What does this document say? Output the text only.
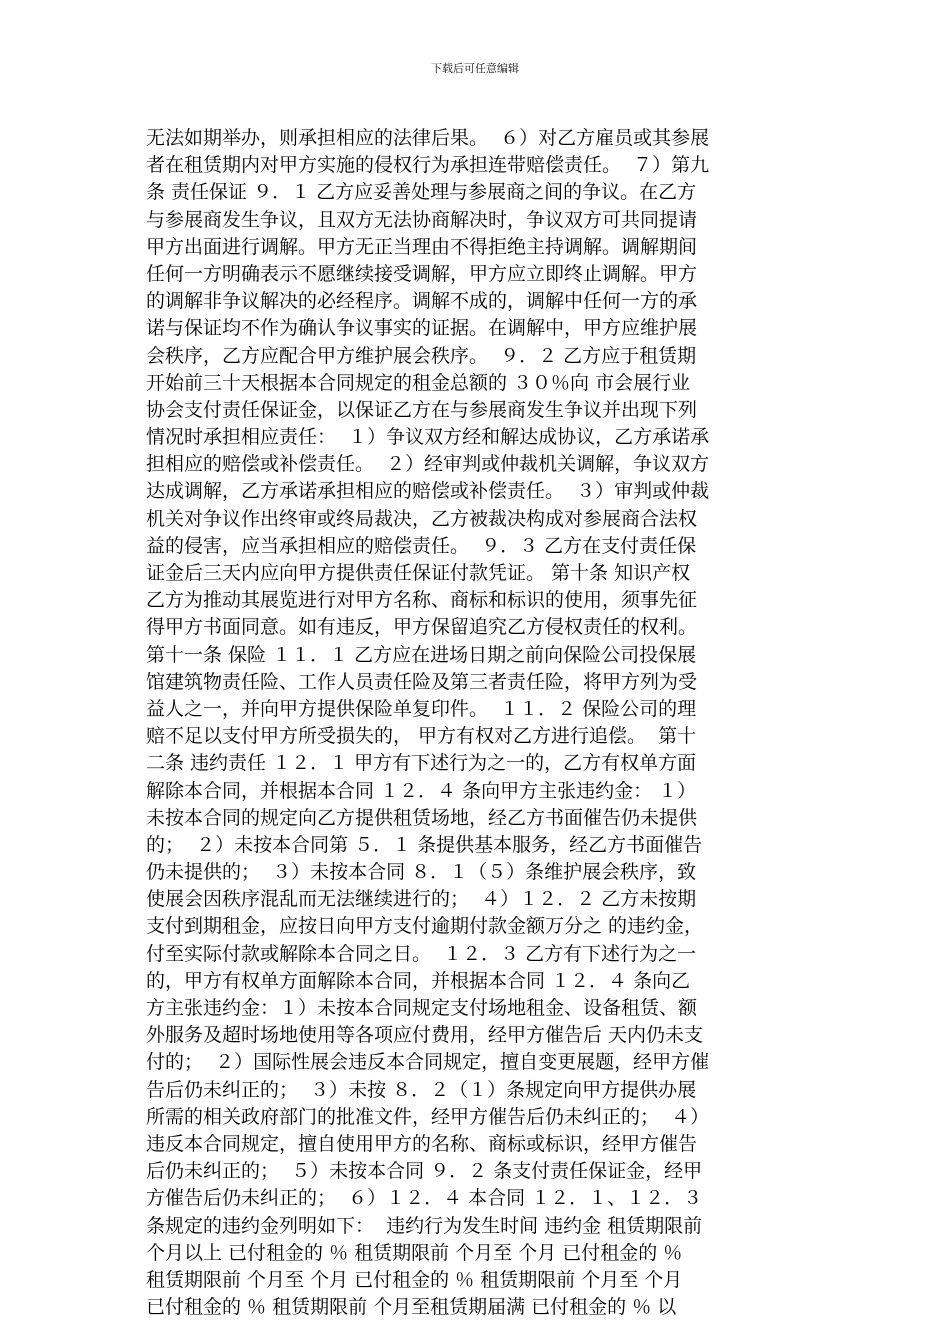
下载后可任意编辑
无法如期举办，则承担相应的法律后果。  ６）对乙方雇员或其参展
者在租赁期内对甲方实施的侵权行为承担连带赔偿责任。  ７）第九
条 责任保证 ９．１ 乙方应妥善处理与参展商之间的争议。在乙方
与参展商发生争议，且双方无法协商解决时，争议双方可共同提请
甲方出面进行调解。甲方无正当理由不得拒绝主持调解。调解期间
任何一方明确表示不愿继续接受调解，甲方应立即终止调解。甲方
的调解非争议解决的必经程序。调解不成的，调解中任何一方的承
诺与保证均不作为确认争议事实的证据。在调解中，甲方应维护展
会秩序，乙方应配合甲方维护展会秩序。  ９．２ 乙方应于租赁期
开始前三十天根据本合同规定的租金总额的 ３０％向 市会展行业
协会支付责任保证金，以保证乙方在与参展商发生争议并出现下列
情况时承担相应责任：  １）争议双方经和解达成协议，乙方承诺承
担相应的赔偿或补偿责任。  ２）经审判或仲裁机关调解，争议双方
达成调解，乙方承诺承担相应的赔偿或补偿责任。  ３）审判或仲裁
机关对争议作出终审或终局裁决，乙方被裁决构成对参展商合法权
益的侵害，应当承担相应的赔偿责任。  ９．３ 乙方在支付责任保
证金后三天内应向甲方提供责任保证付款凭证。 第十条 知识产权
乙方为推动其展览进行对甲方名称、商标和标识的使用，须事先征
得甲方书面同意。如有违反，甲方保留追究乙方侵权责任的权利。
第十一条 保险 １１．１ 乙方应在进场日期之前向保险公司投保展
馆建筑物责任险、工作人员责任险及第三者责任险，将甲方列为受
益人之一，并向甲方提供保险单复印件。  １１．２ 保险公司的理
赔不足以支付甲方所受损失的， 甲方有权对乙方进行追偿。  第十
二条 违约责任 １２．１ 甲方有下述行为之一的，乙方有权单方面
解除本合同，并根据本合同 １２．４ 条向甲方主张违约金： １）
未按本合同的规定向乙方提供租赁场地，经乙方书面催告仍未提供
的；  ２）未按本合同第 ５．１ 条提供基本服务，经乙方书面催告
仍未提供的；  ３）未按本合同 ８．１（５）条维护展会秩序，致
使展会因秩序混乱而无法继续进行的；  ４）１２．２ 乙方未按期
支付到期租金，应按日向甲方支付逾期付款金额万分之 的违约金，
付至实际付款或解除本合同之日。  １２．３ 乙方有下述行为之一
的，甲方有权单方面解除本合同，并根据本合同 １２．４ 条向乙
方主张违约金：１）未按本合同规定支付场地租金、设备租赁、额
外服务及超时场地使用等各项应付费用，经甲方催告后 天内仍未支
付的；  ２）国际性展会违反本合同规定，擅自变更展题，经甲方催
告后仍未纠正的；  ３）未按 ８．２（１）条规定向甲方提供办展
所需的相关政府部门的批准文件，经甲方催告后仍未纠正的；  ４）
违反本合同规定，擅自使用甲方的名称、商标或标识，经甲方催告
后仍未纠正的；  ５）未按本合同 ９．２ 条支付责任保证金，经甲
方催告后仍未纠正的；  ６）１２．４ 本合同 １２．１、１２．３
条规定的违约金列明如下：  违约行为发生时间 违约金 租赁期限前
个月以上 已付租金的 ％ 租赁期限前 个月至 个月 已付租金的 ％
租赁期限前 个月至 个月 已付租金的 ％ 租赁期限前 个月至 个月
已付租金的 ％ 租赁期限前 个月至租赁期届满 已付租金的 ％ 以
